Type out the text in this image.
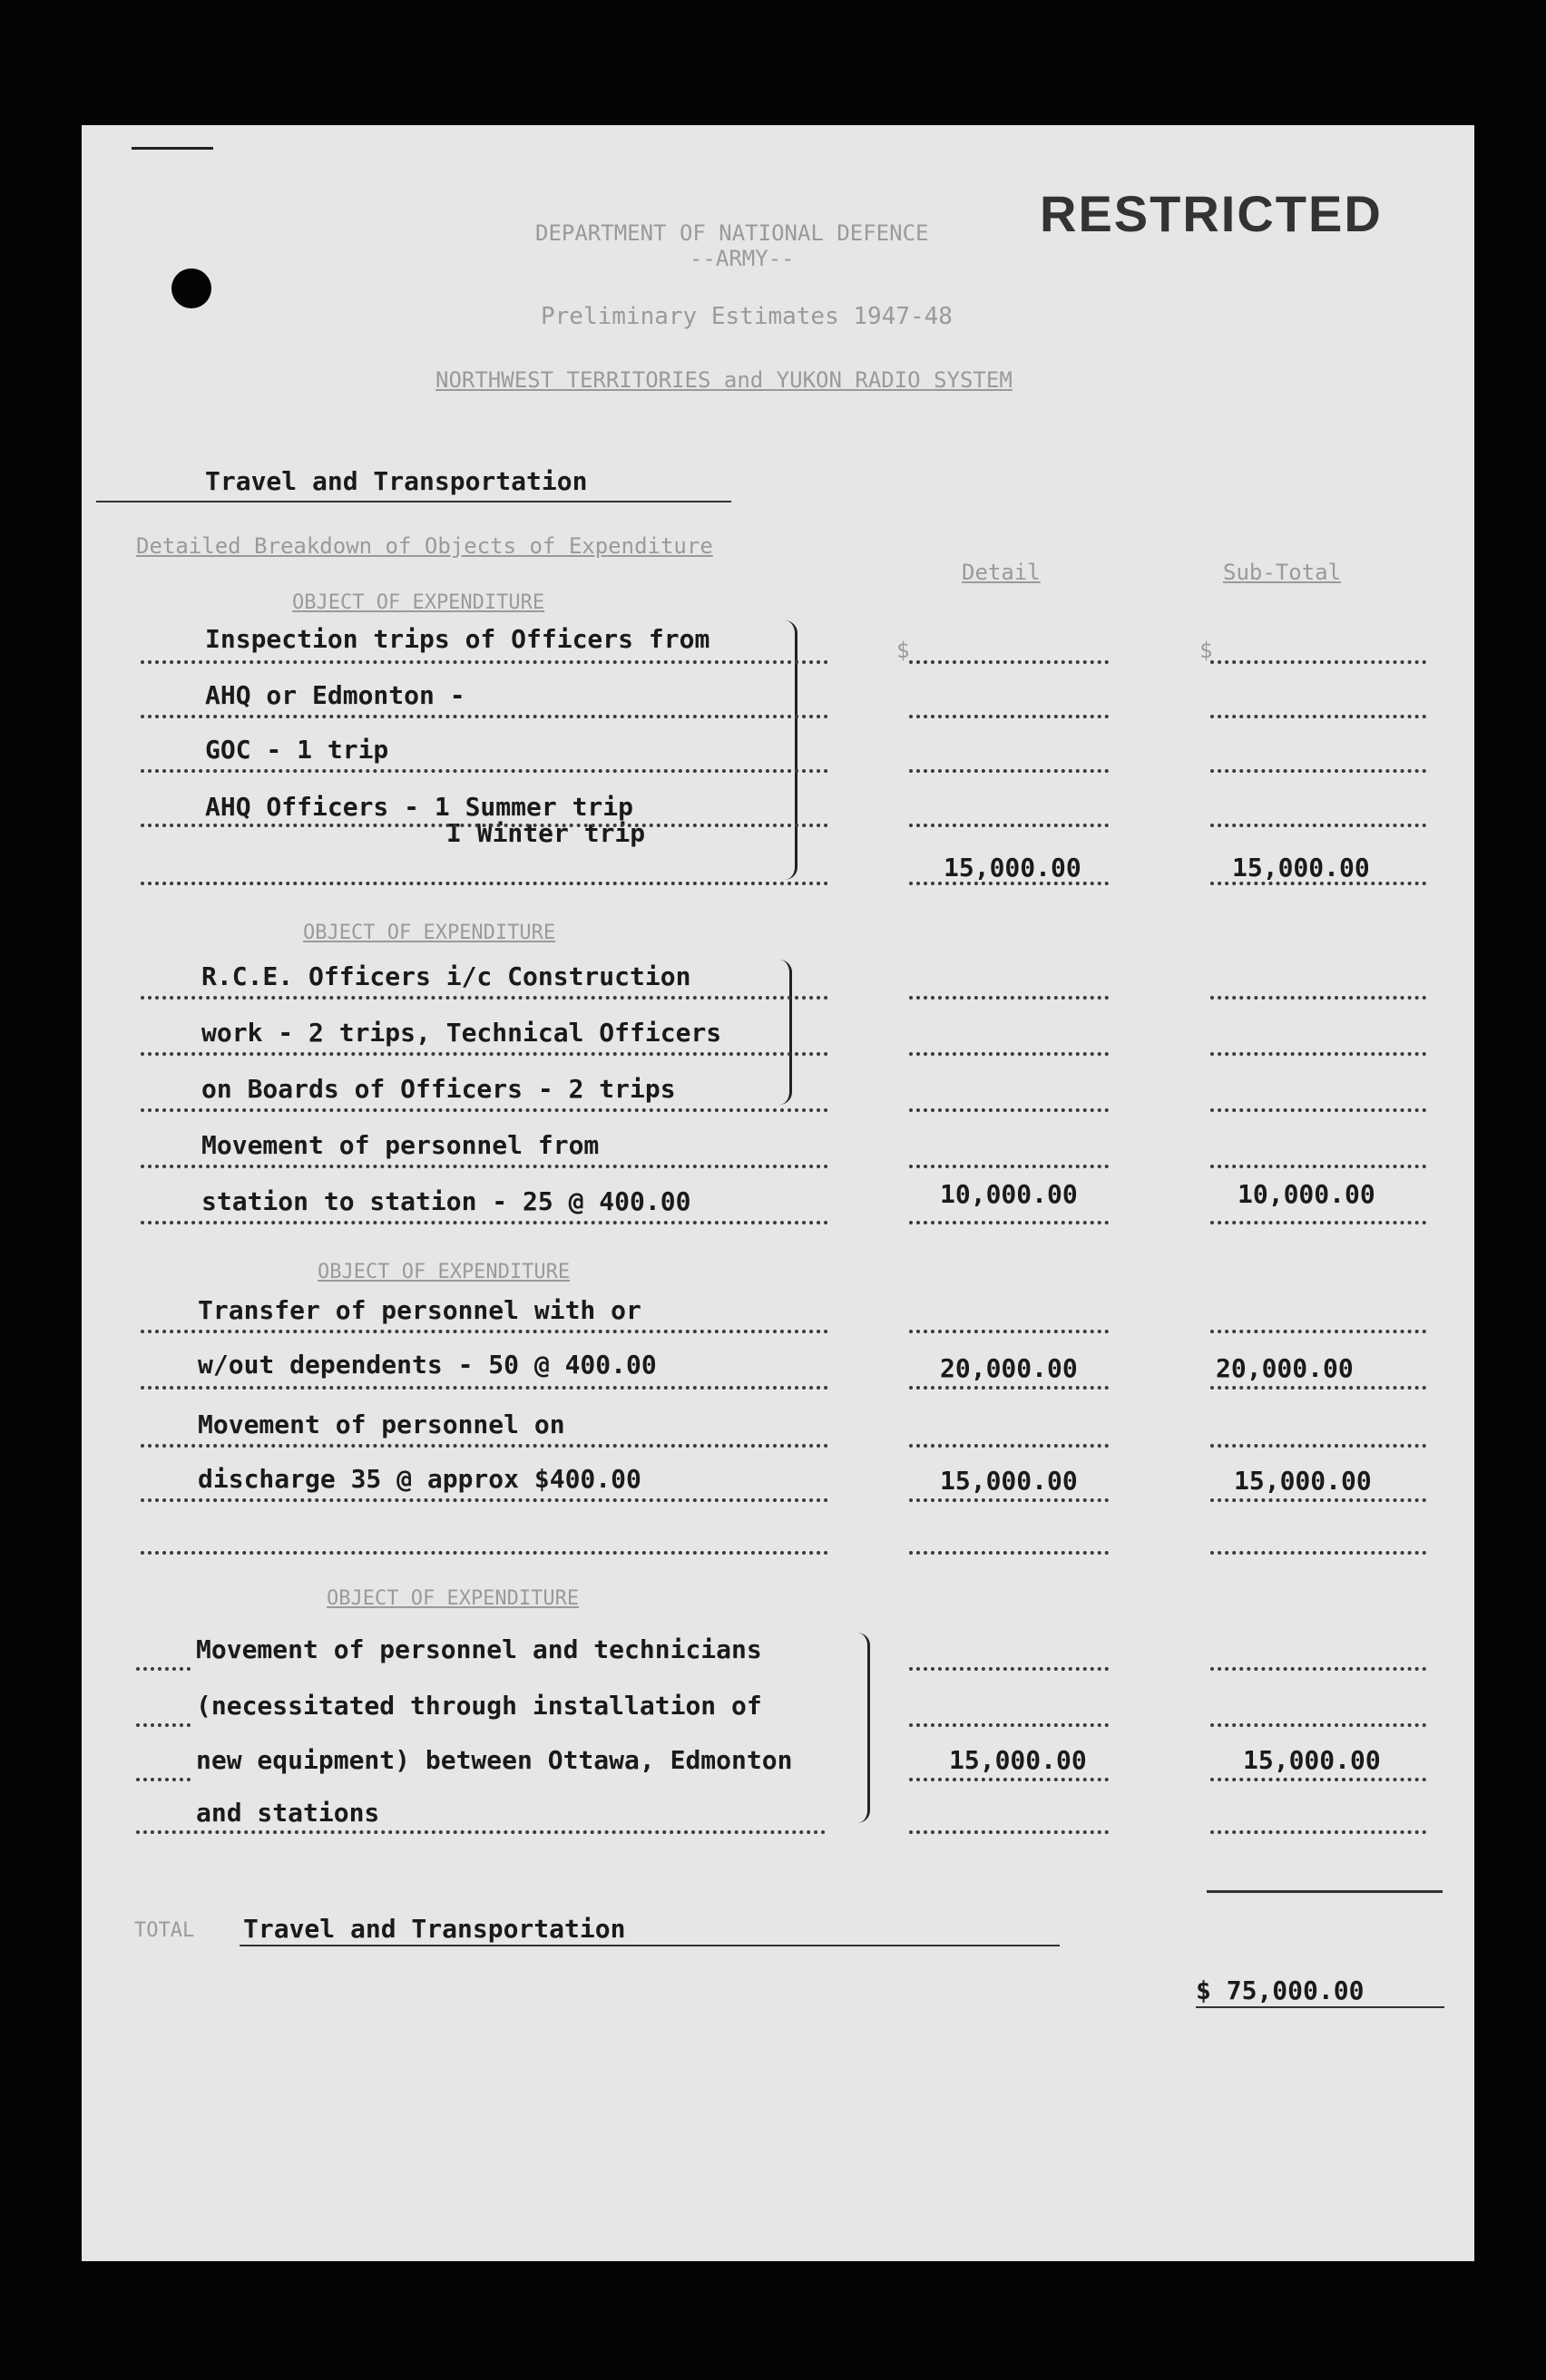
RESTRICTED
DEPARTMENT OF NATIONAL DEFENCE
--ARMY--
Preliminary Estimates 1947-48
NORTHWEST TERRITORIES and YUKON RADIO SYSTEM
Travel and Transportation
Detailed Breakdown of Objects of Expenditure
Detail	Sub-Total
OBJECT OF EXPENDITURE
Inspection trips of Officers from
AHQ or Edmonton -
GOC - 1 trip
AHQ Officers - 1 Summer trip
I Winter trip
$	$
15,000.00	15,000.00
OBJECT OF EXPENDITURE
R.C.E. Officers i/c Construction
work - 2 trips, Technical Officers
on Boards of Officers - 2 trips
Movement of personnel from
station to station - 25 @ 400.00	10,000.00	10,000.00
OBJECT OF EXPENDITURE
Transfer of personnel with or
w/out dependents - 50 @ 400.00	20,000.00	20,000.00
Movement of personnel on
discharge 35 @ approx $400.00	15,000.00	15,000.00
OBJECT OF EXPENDITURE
Movement of personnel and technicians
(necessitated through installation of
new equipment) between Ottawa, Edmonton
and stations
15,000.00	15,000.00
TOTAL Travel and Transportation
$ 75,000.00
